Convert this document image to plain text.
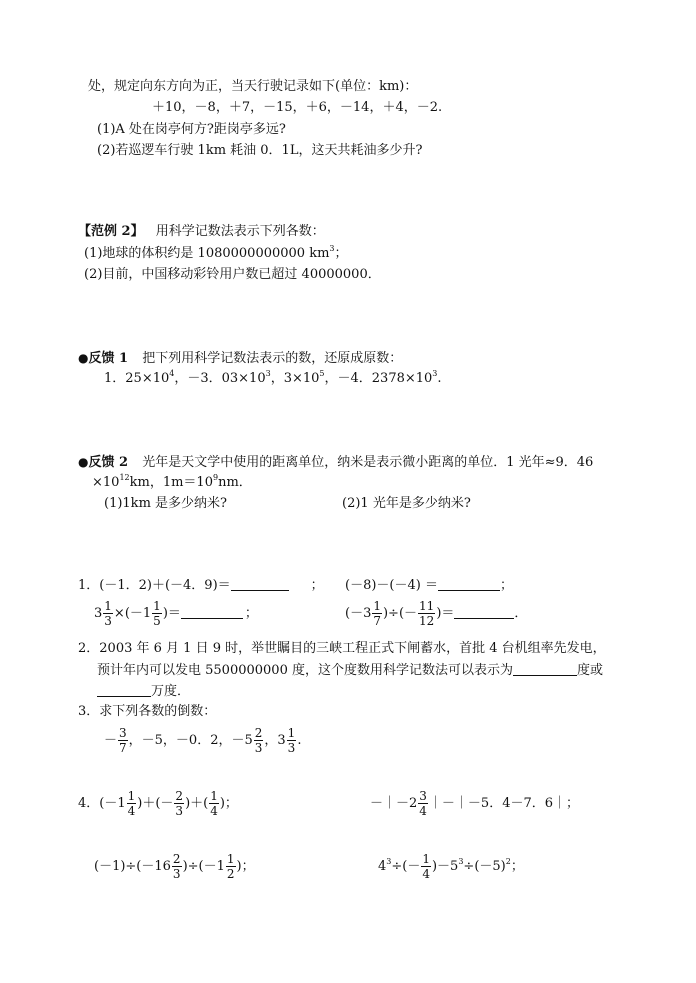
处，规定向东方向为正，当天行驶记录如下(单位：km)：
＋10，－8，＋7，－15，＋6，－14，＋4，－2.
(1)A 处在岗亭何方?距岗亭多远?
(2)若巡逻车行驶 1km 耗油 0．1L，这天共耗油多少升?
【范例 2】 用科学记数法表示下列各数：
(1)地球的体积约是 1080000000000 $km^3$；
(2)目前，中国移动彩铃用户数已超过 40000000．
●反馈 1 把下列用科学记数法表示的数，还原成原数：
1．$25\times 10^4$，－3．$03\times 10^3$，$3\times 10^5$，－4．$2378\times 10^3$.
●反馈 2 光年是天文学中使用的距离单位，纳米是表示微小距离的单位．1 光年≈9．46
$\times 10^{12}km$，$1m=10^9nm$．
(1)1km 是多少纳米?	(2)1 光年是多少纳米?
1．(－1．2)＋(－4．9)＝	； (－8)－(－4) ＝	；
$3 \frac{1}{3} \times(-1 \frac{1}{5}$ )＝	；	($-3 \frac{1}{7}$ )÷(－ $\frac{11}{12}$ )＝	．
2．2003 年 6 月 1 日 9 时，举世瞩目的三峡工程正式下闸蓄水，首批 4 台机组率先发电，
预计年内可以发电 5500000000 度，这个度数用科学记数法可以表示为	度或
万度．
3．求下列各数的倒数：
－ $\frac{3}{7}$ ，－5，－0．2，$-5 \frac{2}{3}$ ，$3 \frac{1}{3}$ .
4．($-1 \frac{1}{4}$ )＋(－ $\frac{2}{3}$ )＋( $\frac{1}{4}$ )；	－｜－2 $\frac{3}{4}$ ｜－｜－5．4－7．6｜；
$(-1)\div(-16 \frac{2}{3} )\div(-1 \frac{1}{2}$ )；	$4^3\div(- \frac{1}{4} )-5^3\div(-5)^2$；
